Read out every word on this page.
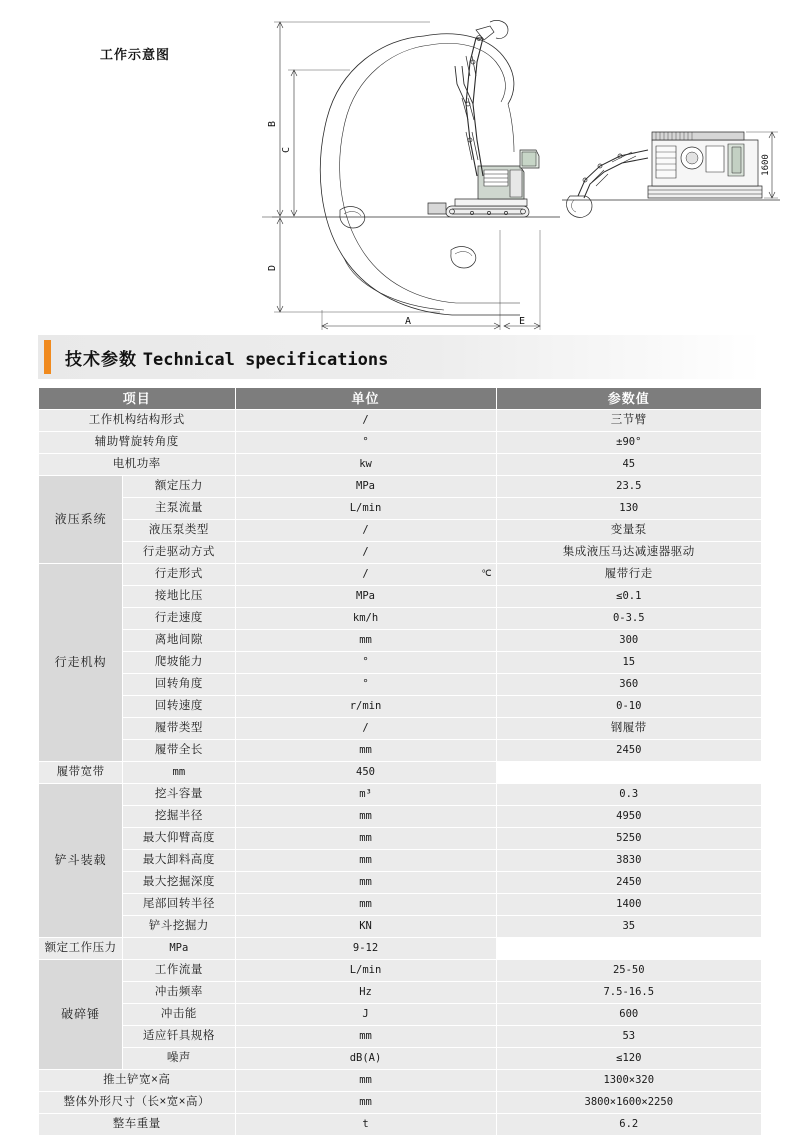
工作示意图
B
C
D
A	E
1600
技术参数 Technical specifications
项目		单位	参数值
工作机构结构形式		/	三节臂
辅助臂旋转角度		°	±90°
电机功率		kw	45
液压系统	额定压力	MPa	23.5
	主泵流量	L/min	130
	液压泵类型	/	变量泵
	行走驱动方式	/	集成液压马达减速器驱动
行走机构	行走形式	/ ℃	履带行走
	接地比压	MPa	≤0.1
	行走速度	km/h	0-3.5
	离地间隙	mm	300
	爬坡能力	°	15
	回转角度	°	360
	回转速度	r/min	0-10
	履带类型	/	钢履带
	履带全长	mm	2450
履带宽带	mm	450	
铲斗装载	挖斗容量	m³	0.3
	挖掘半径	mm	4950
	最大仰臂高度	mm	5250
	最大卸料高度	mm	3830
	最大挖掘深度	mm	2450
	尾部回转半径	mm	1400
	铲斗挖掘力	KN	35
额定工作压力	MPa	9-12	
破碎锤	工作流量	L/min	25-50
	冲击频率	Hz	7.5-16.5
	冲击能	J	600
	适应钎具规格	mm	53
	噪声	dB(A)	≤120
推土铲宽×高		mm	1300×320
整体外形尺寸（长×宽×高）		mm	3800×1600×2250
整车重量		t	6.2
